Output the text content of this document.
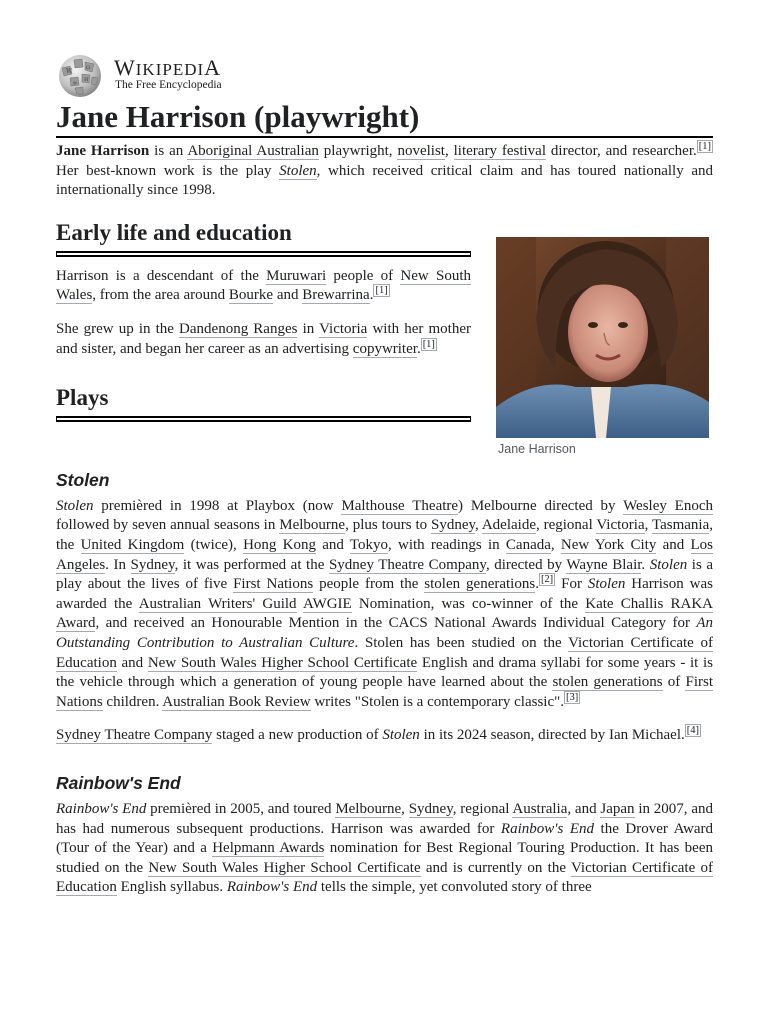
W	Ω
И
ψ
WIKIPEDIA
The Free Encyclopedia
Jane Harrison (playwright)

Jane Harrison is an Aboriginal Australian playwright, novelist, literary festival director, and researcher. [1] Her best-known work is the play Stolen, which received critical claim and has toured nationally and internationally since 1998.

Early life and education

Harrison is a descendant of the Muruwari people of New South Wales, from the area around Bourke and Brewarrina. [1]

She grew up in the Dandenong Ranges in Victoria with her mother and sister, and began her career as an advertising copywriter. [1]

Plays
Jane Harrison
Stolen

Stolen premièred in 1998 at Playbox (now Malthouse Theatre) Melbourne directed by Wesley Enoch followed by seven annual seasons in Melbourne, plus tours to Sydney, Adelaide, regional Victoria, Tasmania, the United Kingdom (twice), Hong Kong and Tokyo, with readings in Canada, New York City and Los Angeles. In Sydney, it was performed at the Sydney Theatre Company, directed by Wayne Blair. Stolen is a play about the lives of five First Nations people from the stolen generations. [2] For Stolen Harrison was awarded the Australian Writers' Guild AWGIE Nomination, was co-winner of the Kate Challis RAKA Award, and received an Honourable Mention in the CACS National Awards Individual Category for An Outstanding Contribution to Australian Culture. Stolen has been studied on the Victorian Certificate of Education and New South Wales Higher School Certificate English and drama syllabi for some years - it is the vehicle through which a generation of young people have learned about the stolen generations of First Nations children. Australian Book Review writes "Stolen is a contemporary classic". [3]

Sydney Theatre Company staged a new production of Stolen in its 2024 season, directed by Ian Michael. [4]

Rainbow's End

Rainbow's End premièred in 2005, and toured Melbourne, Sydney, regional Australia, and Japan in 2007, and has had numerous subsequent productions. Harrison was awarded for Rainbow's End the Drover Award (Tour of the Year) and a Helpmann Awards nomination for Best Regional Touring Production. It has been studied on the New South Wales Higher School Certificate and is currently on the Victorian Certificate of Education English syllabus. Rainbow's End tells the simple, yet convoluted story of three
